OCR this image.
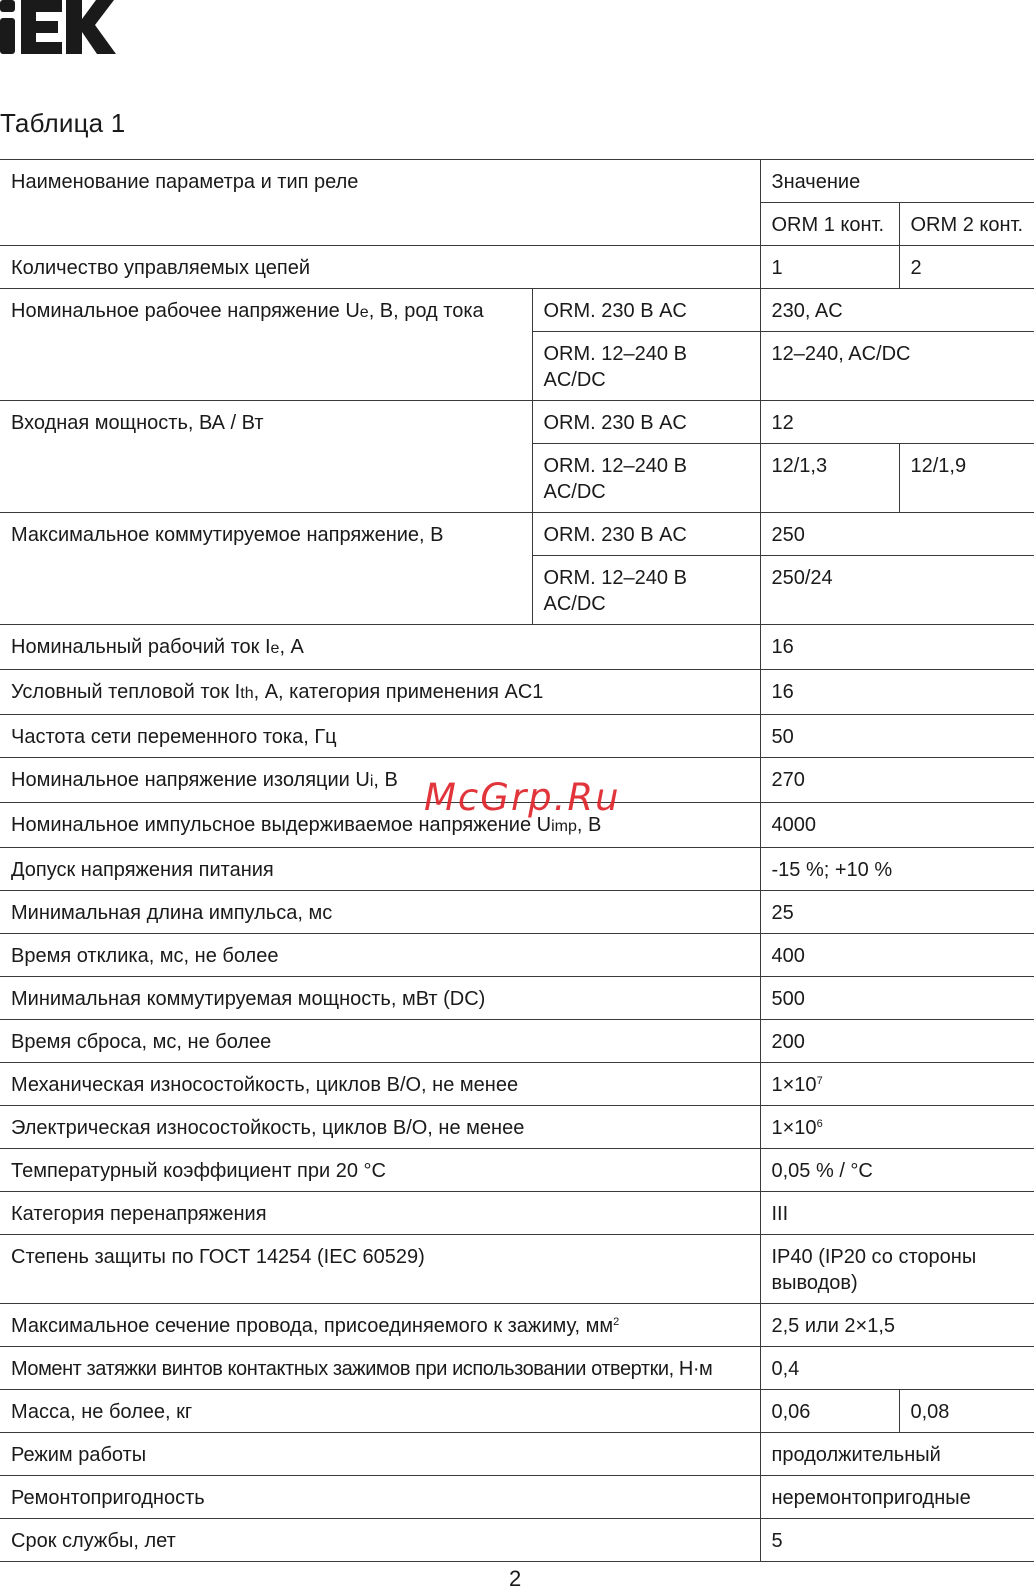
Таблица 1
Наименование параметра и тип реле		Значение	
		ORM 1 конт.	ORM 2 конт.
Количество управляемых цепей		1	2
Номинальное рабочее напряжение Ue, В, род тока	ORM. 230 В AC	230, AC	
	ORM. 12–240 В AC/DC	12–240, AC/DC	
Входная мощность, ВА / Вт	ORM. 230 В AC	12	
	ORM. 12–240 В AC/DC	12/1,3	12/1,9
Максимальное коммутируемое напряжение, В	ORM. 230 В AC	250	
	ORM. 12–240 В AC/DC	250/24	
Номинальный рабочий ток Ie, А		16	
Условный тепловой ток Ith, А, категория применения AC1		16	
Частота сети переменного тока, Гц		50	
Номинальное напряжение изоляции Ui, В		270	
Номинальное импульсное выдерживаемое напряжение Uimp, В		4000	
Допуск напряжения питания		-15 %; +10 %	
Минимальная длина импульса, мс		25	
Время отклика, мс, не более		400	
Минимальная коммутируемая мощность, мВт (DC)		500	
Время сброса, мс, не более		200	
Механическая износостойкость, циклов В/О, не менее		$1\times 10^7$
Электрическая износостойкость, циклов В/О, не менее		$1\times 10^6$
Температурный коэффициент при 20 °С		0,05 % / °С	
Категория перенапряжения		III	
Степень защиты по ГОСТ 14254 (IEC 60529)		IP40 (IP20 со стороны выводов)	
Максимальное сечение провода, присоединяемого к зажиму, $мм^2$		2,5 или 2×1,5	
Момент затяжки винтов контактных зажимов при использовании отвертки, Н·м		0,4	
Масса, не более, кг		0,06	0,08
Режим работы		продолжительный	
Ремонтопригодность		неремонтопригодные	
Срок службы, лет		5	
McGrp.Ru
2
